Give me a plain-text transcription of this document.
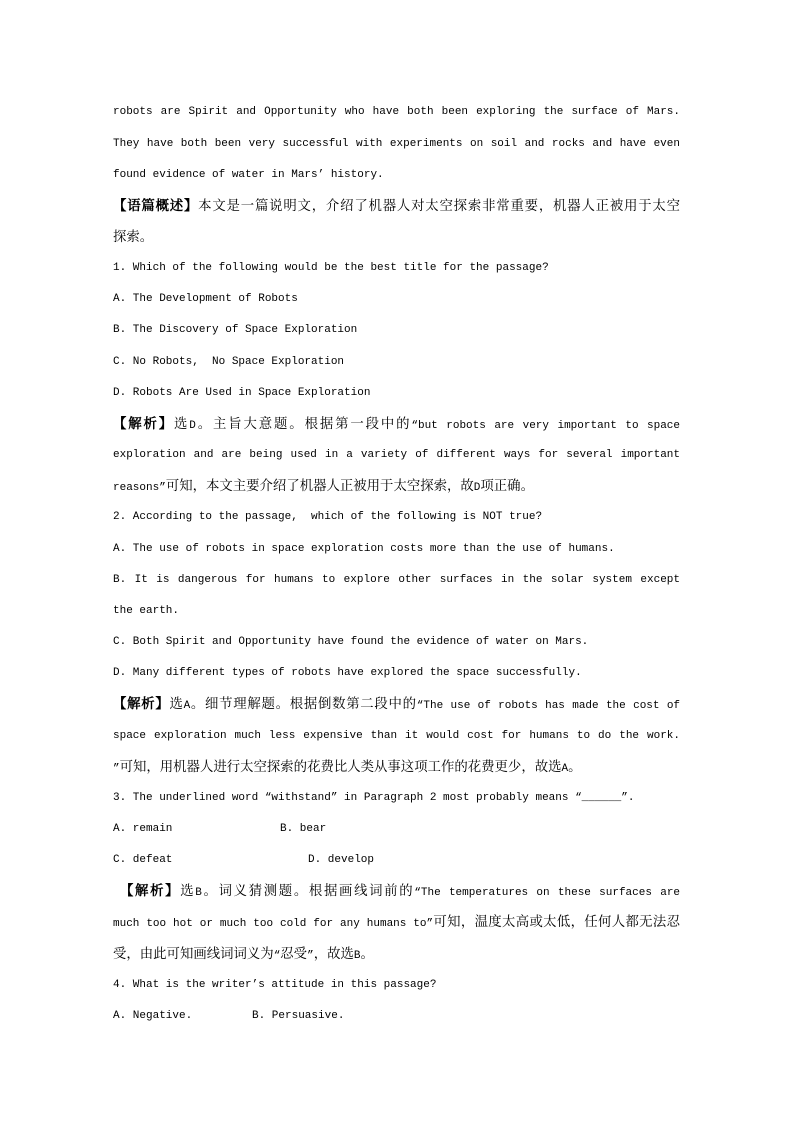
robots are Spirit and Opportunity who have both been exploring the surface of Mars.
They have both been very successful with experiments on soil and rocks and have even
found evidence of water in Mars’ history.
【语篇概述】本文是一篇说明文，介绍了机器人对太空探索非常重要，机器人正被用于太空
探索。
1. Which of the following would be the best title for the passage?
A. The Development of Robots
B. The Discovery of Space Exploration
C. No Robots,  No Space Exploration
D. Robots Are Used in Space Exploration
【解析】选D。主旨大意题。根据第一段中的“but robots are very important to space
exploration and are being used in a variety of different ways for several important
reasons”可知，本文主要介绍了机器人正被用于太空探索，故D项正确。
2. According to the passage,  which of the following is NOT true?
A. The use of robots in space exploration costs more than the use of humans.
B. It is dangerous for humans to explore other surfaces in the solar system except
the earth.
C. Both Spirit and Opportunity have found the evidence of water on Mars.
D. Many different types of robots have explored the space successfully.
【解析】选A。细节理解题。根据倒数第二段中的“The use of robots has made the cost of
space exploration much less expensive than it would cost for humans to do the work.
”可知，用机器人进行太空探索的花费比人类从事这项工作的花费更少，故选A。
3. The underlined word “withstand” in Paragraph 2 most probably means “______”.
A. remain	B. bear
C. defeat	D. develop
【解析】选B。词义猜测题。根据画线词前的“The temperatures on these surfaces are
much too hot or much too cold for any humans to”可知，温度太高或太低，任何人都无法忍
受，由此可知画线词词义为“忍受”，故选B。
4. What is the writer’s attitude in this passage?
A. Negative.	B. Persuasive.
